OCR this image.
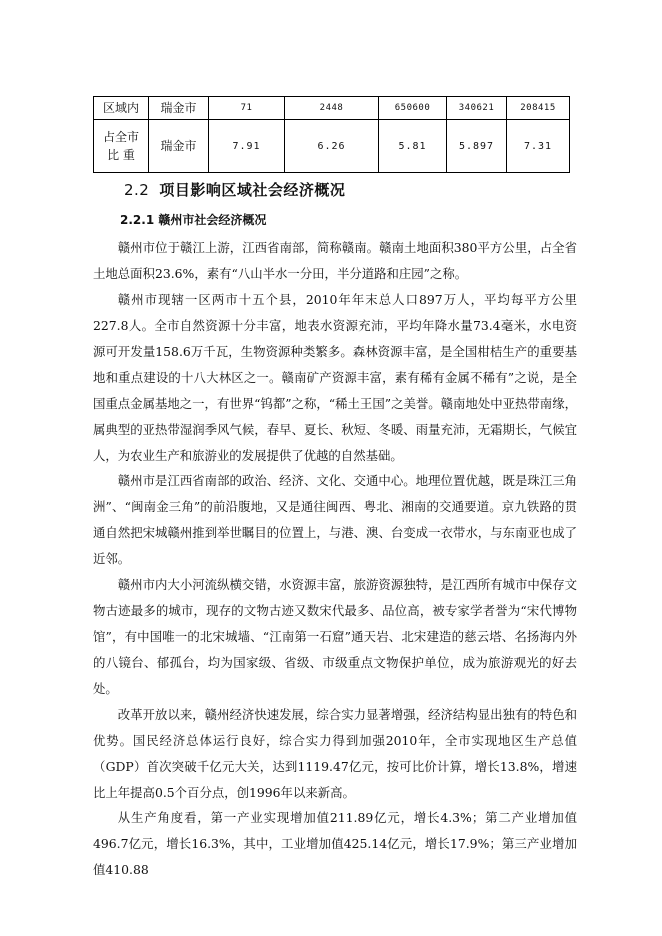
区域内	瑞金市	71	2448	650600	340621	208415

占全市
比 重	瑞金市	7.91	6.26	5.81	5.897	7.31
2.2 项目影响区域社会经济概况
2.2.1 赣州市社会经济概况

赣州市位于赣江上游，江西省南部，简称赣南。赣南土地面积380平方公里，占全省土地总面积23.6%，素有“八山半水一分田，半分道路和庄园”之称。

赣州市现辖一区两市十五个县，2010年年末总人口897万人，平均每平方公里227.8人。全市自然资源十分丰富，地表水资源充沛，平均年降水量73.4毫米，水电资源可开发量158.6万千瓦，生物资源种类繁多。森林资源丰富，是全国柑桔生产的重要基地和重点建设的十八大林区之一。赣南矿产资源丰富，素有稀有金属不稀有”之说，是全国重点金属基地之一，有世界“钨都”之称，“稀土王国”之美誉。赣南地处中亚热带南缘，属典型的亚热带湿润季风气候，春早、夏长、秋短、冬暖、雨量充沛，无霜期长，气候宜人，为农业生产和旅游业的发展提供了优越的自然基础。

赣州市是江西省南部的政治、经济、文化、交通中心。地理位置优越，既是珠江三角洲”、“闽南金三角”的前沿腹地，又是通往闽西、粤北、湘南的交通要道。京九铁路的贯通自然把宋城赣州推到举世瞩目的位置上，与港、澳、台变成一衣带水，与东南亚也成了近邻。

赣州市内大小河流纵横交错，水资源丰富，旅游资源独特，是江西所有城市中保存文物古迹最多的城市，现存的文物古迹又数宋代最多、品位高，被专家学者誉为“宋代博物馆”，有中国唯一的北宋城墙、“江南第一石窟”通天岩、北宋建造的慈云塔、名扬海内外的八镜台、郁孤台，均为国家级、省级、市级重点文物保护单位，成为旅游观光的好去处。

改革开放以来，赣州经济快速发展，综合实力显著增强，经济结构显出独有的特色和优势。国民经济总体运行良好，综合实力得到加强2010年，全市实现地区生产总值（GDP）首次突破千亿元大关，达到1119.47亿元，按可比价计算，增长13.8%，增速比上年提高0.5个百分点，创1996年以来新高。

从生产角度看，第一产业实现增加值211.89亿元，增长4.3%；第二产业增加值496.7亿元，增长16.3%，其中，工业增加值425.14亿元，增长17.9%；第三产业增加值410.88
